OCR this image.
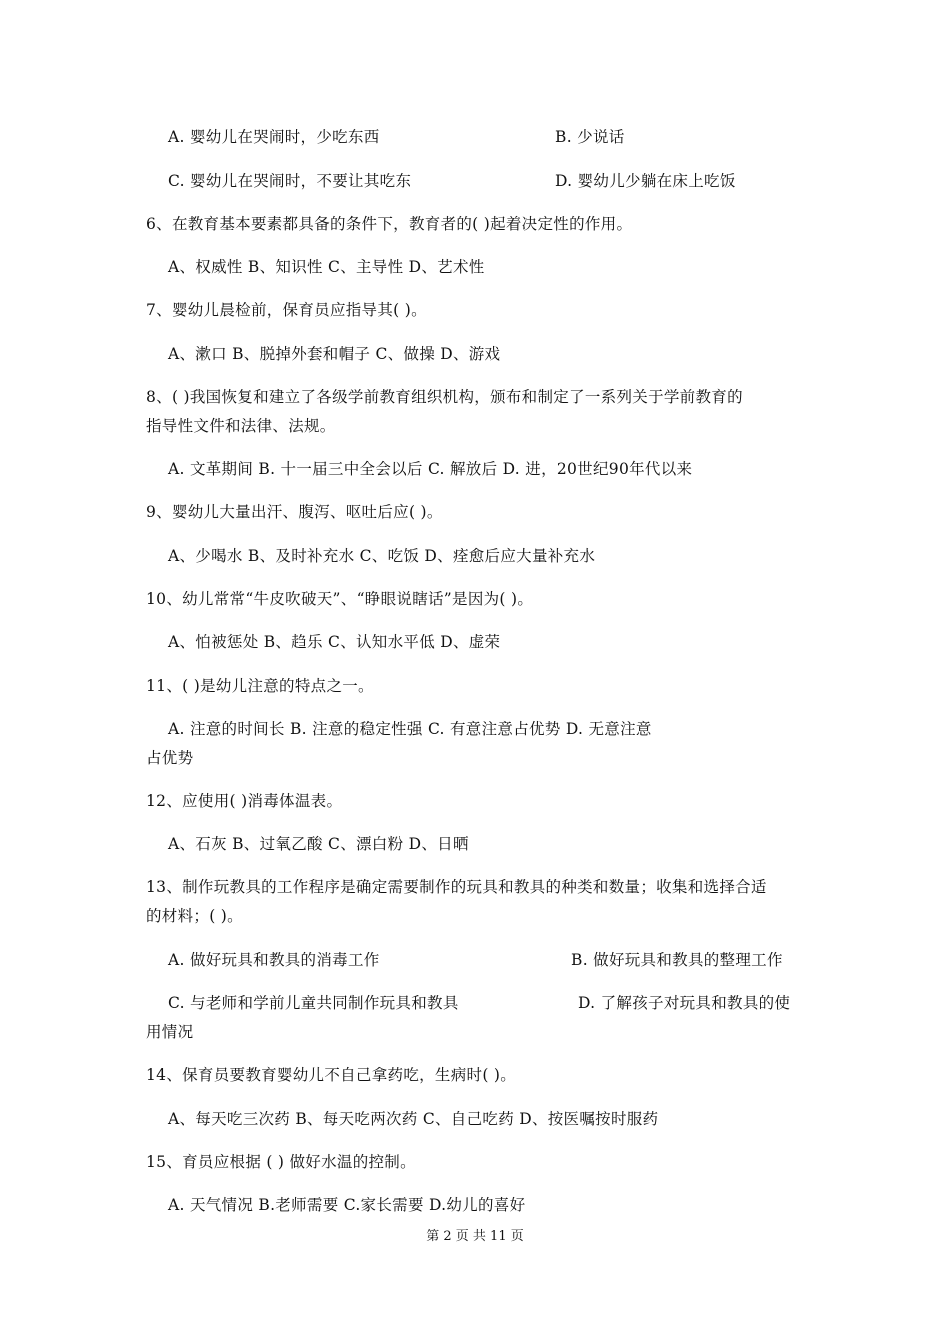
A. 婴幼儿在哭闹时，少吃东西	B. 少说话
C. 婴幼儿在哭闹时，不要让其吃东	D. 婴幼儿少躺在床上吃饭
6、在教育基本要素都具备的条件下，教育者的( )起着决定性的作用。
A、权威性 B、知识性 C、主导性 D、艺术性
7、婴幼儿晨检前，保育员应指导其( )。
A、漱口 B、脱掉外套和帽子 C、做操 D、游戏
8、( )我国恢复和建立了各级学前教育组织机构，颁布和制定了一系列关于学前教育的
指导性文件和法律、法规。
A. 文革期间 B. 十一届三中全会以后 C. 解放后 D. 进，20世纪90年代以来
9、婴幼儿大量出汗、腹泻、呕吐后应( )。
A、少喝水 B、及时补充水 C、吃饭 D、痊愈后应大量补充水
10、幼儿常常“牛皮吹破天”、“睁眼说瞎话”是因为( )。
A、怕被惩处 B、趋乐 C、认知水平低 D、虚荣
11、( )是幼儿注意的特点之一。
A. 注意的时间长 B. 注意的稳定性强 C. 有意注意占优势 D. 无意注意
占优势
12、应使用( )消毒体温表。
A、石灰 B、过氧乙酸 C、漂白粉 D、日晒
13、制作玩教具的工作程序是确定需要制作的玩具和教具的种类和数量；收集和选择合适
的材料；( )。
A. 做好玩具和教具的消毒工作	B. 做好玩具和教具的整理工作
C. 与老师和学前儿童共同制作玩具和教具	D. 了解孩子对玩具和教具的使
用情况
14、保育员要教育婴幼儿不自己拿药吃，生病时( )。
A、每天吃三次药 B、每天吃两次药 C、自己吃药 D、按医嘱按时服药
15、育员应根据 ( ) 做好水温的控制。
A. 天气情况 B.老师需要 C.家长需要 D.幼儿的喜好
第 2 页 共 11 页
